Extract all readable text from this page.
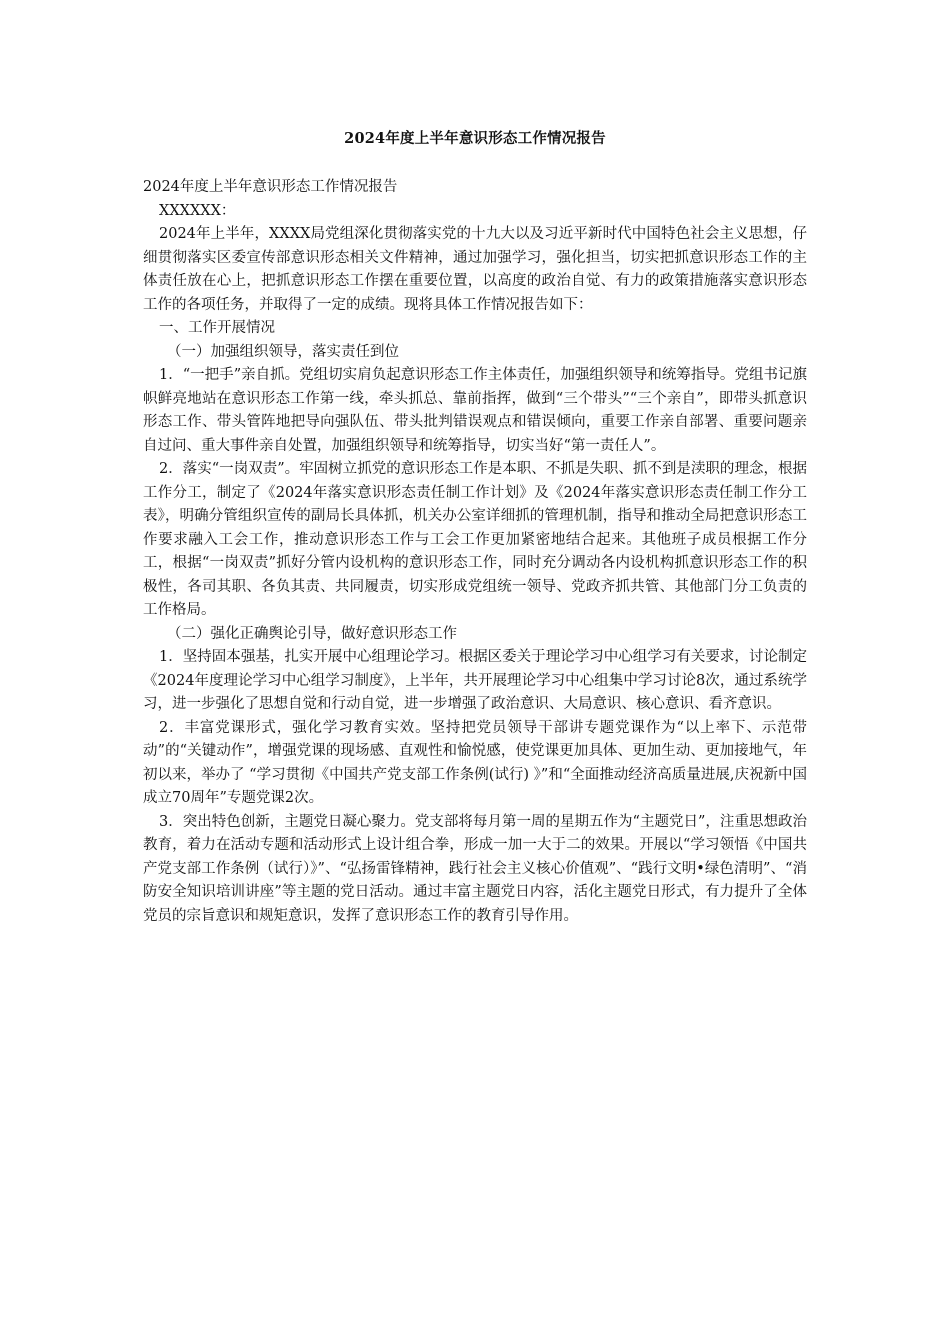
2024年度上半年意识形态工作情况报告

2024年度上半年意识形态工作情况报告

XXXXXX：

2024年上半年，XXXX局党组深化贯彻落实党的十九大以及习近平新时代中国特色社会主义思想，仔细贯彻落实区委宣传部意识形态相关文件精神，通过加强学习，强化担当，切实把抓意识形态工作的主体责任放在心上，把抓意识形态工作摆在重要位置，以高度的政治自觉、有力的政策措施落实意识形态工作的各项任务，并取得了一定的成绩。现将具体工作情况报告如下：

一、工作开展情况

（一）加强组织领导，落实责任到位

1．“一把手”亲自抓。党组切实肩负起意识形态工作主体责任，加强组织领导和统筹指导。党组书记旗帜鲜亮地站在意识形态工作第一线，牵头抓总、靠前指挥，做到“三个带头”“三个亲自”，即带头抓意识形态工作、带头管阵地把导向强队伍、带头批判错误观点和错误倾向，重要工作亲自部署、重要问题亲自过问、重大事件亲自处置，加强组织领导和统筹指导，切实当好“第一责任人”。

2．落实“一岗双责”。牢固树立抓党的意识形态工作是本职、不抓是失职、抓不到是渎职的理念，根据工作分工，制定了《2024年落实意识形态责任制工作计划》及《2024年落实意识形态责任制工作分工表》，明确分管组织宣传的副局长具体抓，机关办公室详细抓的管理机制，指导和推动全局把意识形态工作要求融入工会工作，推动意识形态工作与工会工作更加紧密地结合起来。其他班子成员根据工作分工，根据“一岗双责”抓好分管内设机构的意识形态工作，同时充分调动各内设机构抓意识形态工作的积极性，各司其职、各负其责、共同履责，切实形成党组统一领导、党政齐抓共管、其他部门分工负责的工作格局。

（二）强化正确舆论引导，做好意识形态工作

1．坚持固本强基，扎实开展中心组理论学习。根据区委关于理论学习中心组学习有关要求，讨论制定《2024年度理论学习中心组学习制度》，上半年，共开展理论学习中心组集中学习讨论8次，通过系统学习，进一步强化了思想自觉和行动自觉，进一步增强了政治意识、大局意识、核心意识、看齐意识。

2．丰富党课形式，强化学习教育实效。坚持把党员领导干部讲专题党课作为“以上率下、示范带动”的“关键动作”，增强党课的现场感、直观性和愉悦感，使党课更加具体、更加生动、更加接地气，年初以来，举办了 “学习贯彻《中国共产党支部工作条例(试行) 》”和“全面推动经济高质量进展,庆祝新中国成立70周年”专题党课2次。

3．突出特色创新，主题党日凝心聚力。党支部将每月第一周的星期五作为“主题党日”，注重思想政治教育，着力在活动专题和活动形式上设计组合拳，形成一加一大于二的效果。开展以“学习领悟《中国共产党支部工作条例（试行）》”、“弘扬雷锋精神，践行社会主义核心价值观”、“践行文明•绿色清明”、“消防安全知识培训讲座”等主题的党日活动。通过丰富主题党日内容，活化主题党日形式，有力提升了全体党员的宗旨意识和规矩意识，发挥了意识形态工作的教育引导作用。
